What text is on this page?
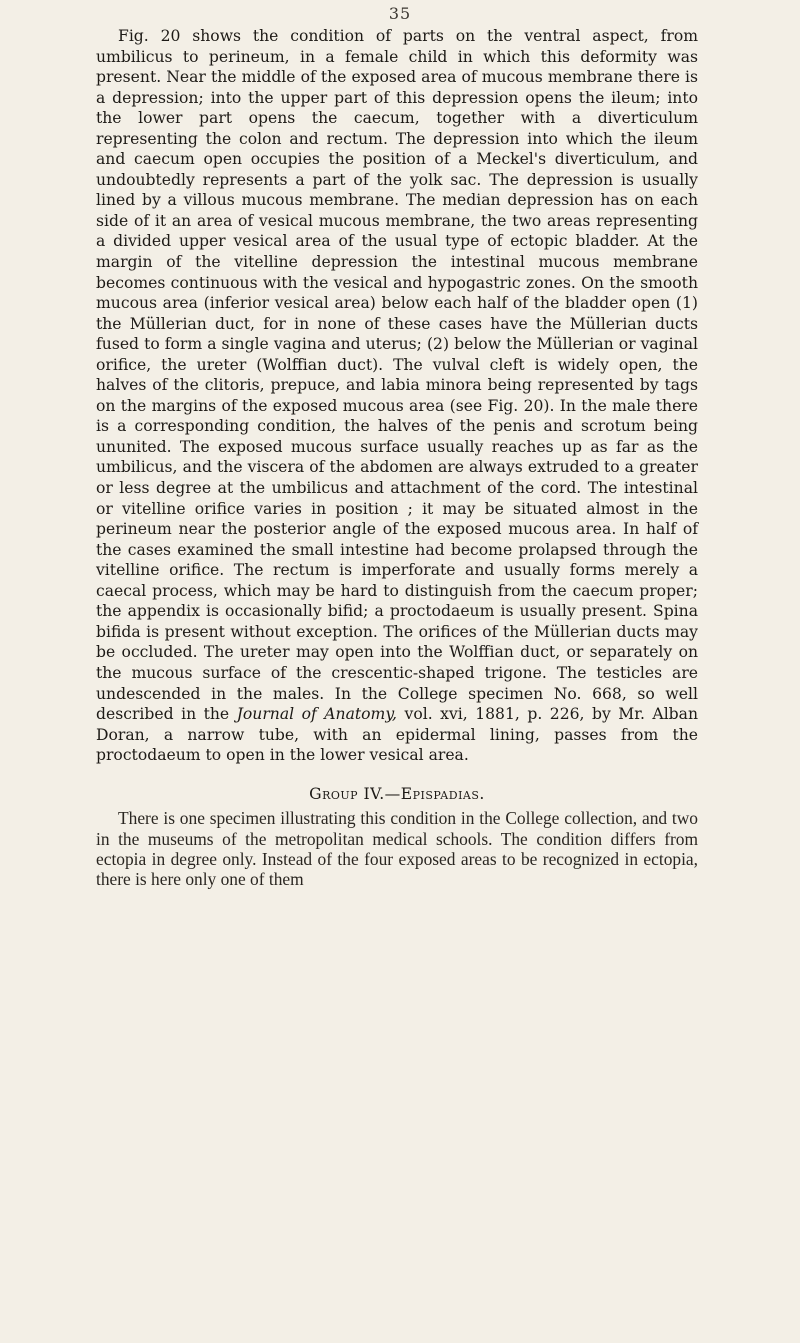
35

Fig. 20 shows the condition of parts on the ventral aspect, from umbilicus to perineum, in a female child in which this deformity was present. Near the middle of the exposed area of mucous membrane there is a depression; into the upper part of this depression opens the ileum; into the lower part opens the caecum, together with a diverticulum representing the colon and rectum. The depression into which the ileum and caecum open occupies the position of a Meckel's diverticulum, and undoubtedly represents a part of the yolk sac. The depression is usually lined by a villous mucous membrane. The median depression has on each side of it an area of vesical mucous membrane, the two areas representing a divided upper vesical area of the usual type of ectopic bladder. At the margin of the vitelline depression the intestinal mucous membrane becomes continuous with the vesical and hypogastric zones. On the smooth mucous area (inferior vesical area) below each half of the bladder open (1) the Müllerian duct, for in none of these cases have the Müllerian ducts fused to form a single vagina and uterus; (2) below the Müllerian or vaginal orifice, the ureter (Wolffian duct). The vulval cleft is widely open, the halves of the clitoris, prepuce, and labia minora being represented by tags on the margins of the exposed mucous area (see Fig. 20). In the male there is a corresponding condition, the halves of the penis and scrotum being ununited. The exposed mucous surface usually reaches up as far as the umbilicus, and the viscera of the abdomen are always extruded to a greater or less degree at the umbilicus and attachment of the cord. The intestinal or vitelline orifice varies in position ; it may be situated almost in the perineum near the posterior angle of the exposed mucous area. In half of the cases examined the small intestine had become prolapsed through the vitelline orifice. The rectum is imperforate and usually forms merely a caecal process, which may be hard to distinguish from the caecum proper; the appendix is occasionally bifid; a proctodaeum is usually present. Spina bifida is present without exception. The orifices of the Müllerian ducts may be occluded. The ureter may open into the Wolffian duct, or separately on the mucous surface of the crescentic-shaped trigone. The testicles are undescended in the males. In the College specimen No. 668, so well described in the Journal of Anatomy, vol. xvi, 1881, p. 226, by Mr. Alban Doran, a narrow tube, with an epidermal lining, passes from the proctodaeum to open in the lower vesical area.

Group IV.—Epispadias.

There is one specimen illustrating this condition in the College collection, and two in the museums of the metropolitan medical schools. The condition differs from ectopia in degree only. Instead of the four exposed areas to be recognized in ectopia, there is here only one of them
